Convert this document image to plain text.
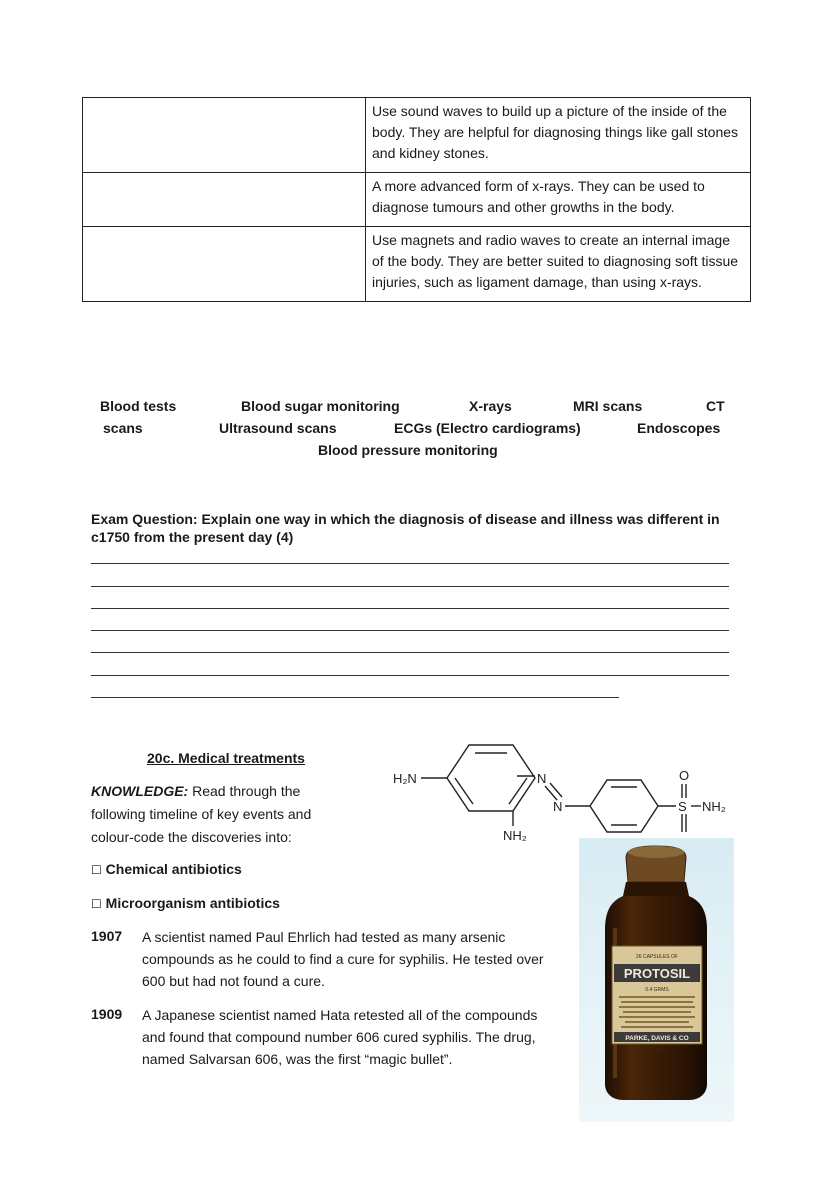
	Use sound waves to build up a picture of the inside of the body. They are helpful for diagnosing things like gall stones and kidney stones.
	A more advanced form of x-rays. They can be used to diagnose tumours and other growths in the body.
	Use magnets and radio waves to create an internal image of the body. They are better suited to diagnosing soft tissue injuries, such as ligament damage, than using x-rays.
Blood tests	Blood sugar monitoring	X-rays	MRI scans	CT
scans	Ultrasound scans	ECGs (Electro cardiograms)	Endoscopes
Blood pressure monitoring
Exam Question: Explain one way in which the diagnosis of disease and illness was different in c1750 from the present day (4)
20c. Medical treatments
KNOWLEDGE: Read through the following timeline of key events and colour-code the discoveries into:
☐ Chemical antibiotics
☐ Microorganism antibiotics
1907 A scientist named Paul Ehrlich had tested as many arsenic compounds as he could to find a cure for syphilis. He tested over 600 but had not found a cure.
1909 A Japanese scientist named Hata retested all of the compounds and found that compound number 606 cured syphilis. The drug, named Salvarsan 606, was the first “magic bullet”.
H₂N	N
N
NH₂
O
S NH₂
26 CAPSULES OF
PROTOSIL
0.4 GRMS
PARKE, DAVIS & CO
DETROIT
